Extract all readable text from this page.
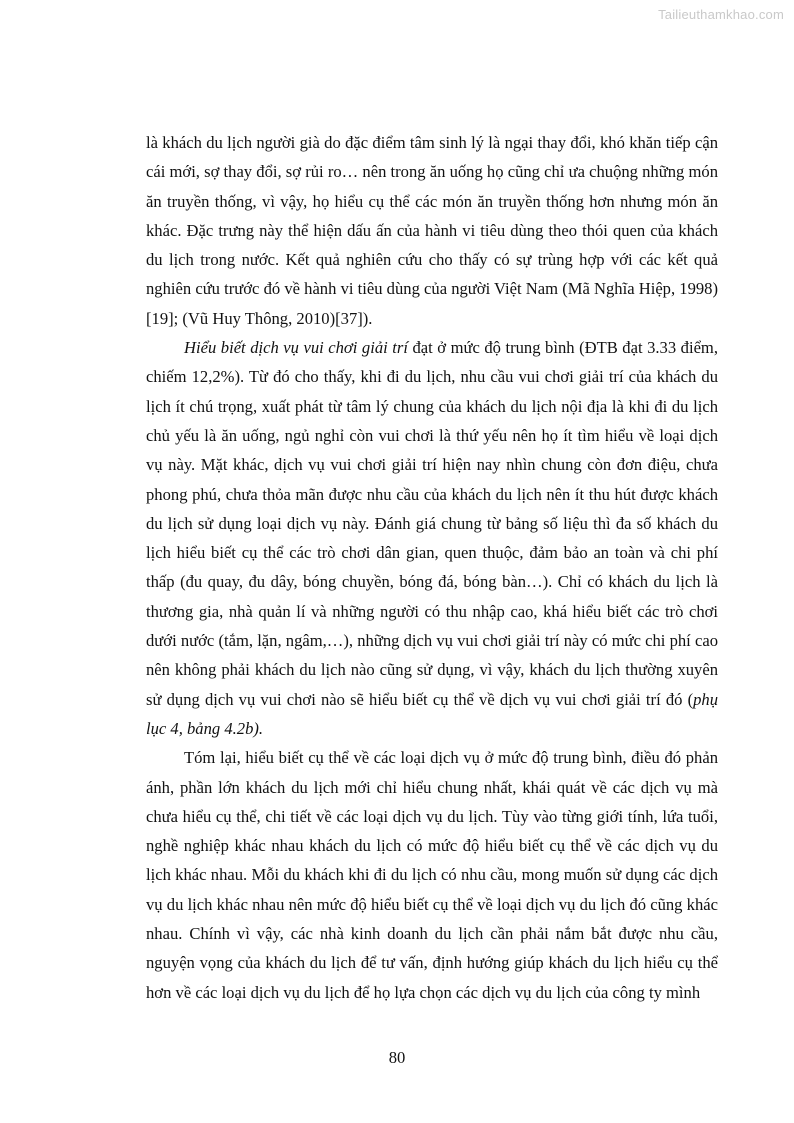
Tailieuthamkhao.com

là khách du lịch người già do đặc điểm tâm sinh lý là ngại thay đổi, khó khăn tiếp cận cái mới, sợ thay đổi, sợ rủi ro… nên trong ăn uống họ cũng chỉ ưa chuộng những món ăn truyền thống, vì vậy, họ hiểu cụ thể các món ăn truyền thống hơn nhưng món ăn khác. Đặc trưng này thể hiện dấu ấn của hành vi tiêu dùng theo thói quen của khách du lịch trong nước. Kết quả nghiên cứu cho thấy có sự trùng hợp với các kết quả nghiên cứu trước đó về hành vi tiêu dùng của người Việt Nam (Mã Nghĩa Hiệp, 1998)[19]; (Vũ Huy Thông, 2010)[37]).

Hiểu biết dịch vụ vui chơi giải trí đạt ở mức độ trung bình (ĐTB đạt 3.33 điểm, chiếm 12,2%). Từ đó cho thấy, khi đi du lịch, nhu cầu vui chơi giải trí của khách du lịch ít chú trọng, xuất phát từ tâm lý chung của khách du lịch nội địa là khi đi du lịch chủ yếu là ăn uống, ngủ nghỉ còn vui chơi là thứ yếu nên họ ít tìm hiểu về loại dịch vụ này. Mặt khác, dịch vụ vui chơi giải trí hiện nay nhìn chung còn đơn điệu, chưa phong phú, chưa thỏa mãn được nhu cầu của khách du lịch nên ít thu hút được khách du lịch sử dụng loại dịch vụ này. Đánh giá chung từ bảng số liệu thì đa số khách du lịch hiểu biết cụ thể các trò chơi dân gian, quen thuộc, đảm bảo an toàn và chi phí thấp (đu quay, đu dây, bóng chuyền, bóng đá, bóng bàn…). Chỉ có khách du lịch là thương gia, nhà quản lí và những người có thu nhập cao, khá hiểu biết các trò chơi dưới nước (tắm, lặn, ngâm,…), những dịch vụ vui chơi giải trí này có mức chi phí cao nên không phải khách du lịch nào cũng sử dụng, vì vậy, khách du lịch thường xuyên sử dụng dịch vụ vui chơi nào sẽ hiểu biết cụ thể về dịch vụ vui chơi giải trí đó (phụ lục 4, bảng 4.2b).

Tóm lại, hiểu biết cụ thể về các loại dịch vụ ở mức độ trung bình, điều đó phản ánh, phần lớn khách du lịch mới chỉ hiểu chung nhất, khái quát về các dịch vụ mà chưa hiểu cụ thể, chi tiết về các loại dịch vụ du lịch. Tùy vào từng giới tính, lứa tuổi, nghề nghiệp khác nhau khách du lịch có mức độ hiểu biết cụ thể về các dịch vụ du lịch khác nhau. Mỗi du khách khi đi du lịch có nhu cầu, mong muốn sử dụng các dịch vụ du lịch khác nhau nên mức độ hiểu biết cụ thể về loại dịch vụ du lịch đó cũng khác nhau. Chính vì vậy, các nhà kinh doanh du lịch cần phải nắm bắt được nhu cầu, nguyện vọng của khách du lịch để tư vấn, định hướng giúp khách du lịch hiểu cụ thể hơn về các loại dịch vụ du lịch để họ lựa chọn các dịch vụ du lịch của công ty mình

80
